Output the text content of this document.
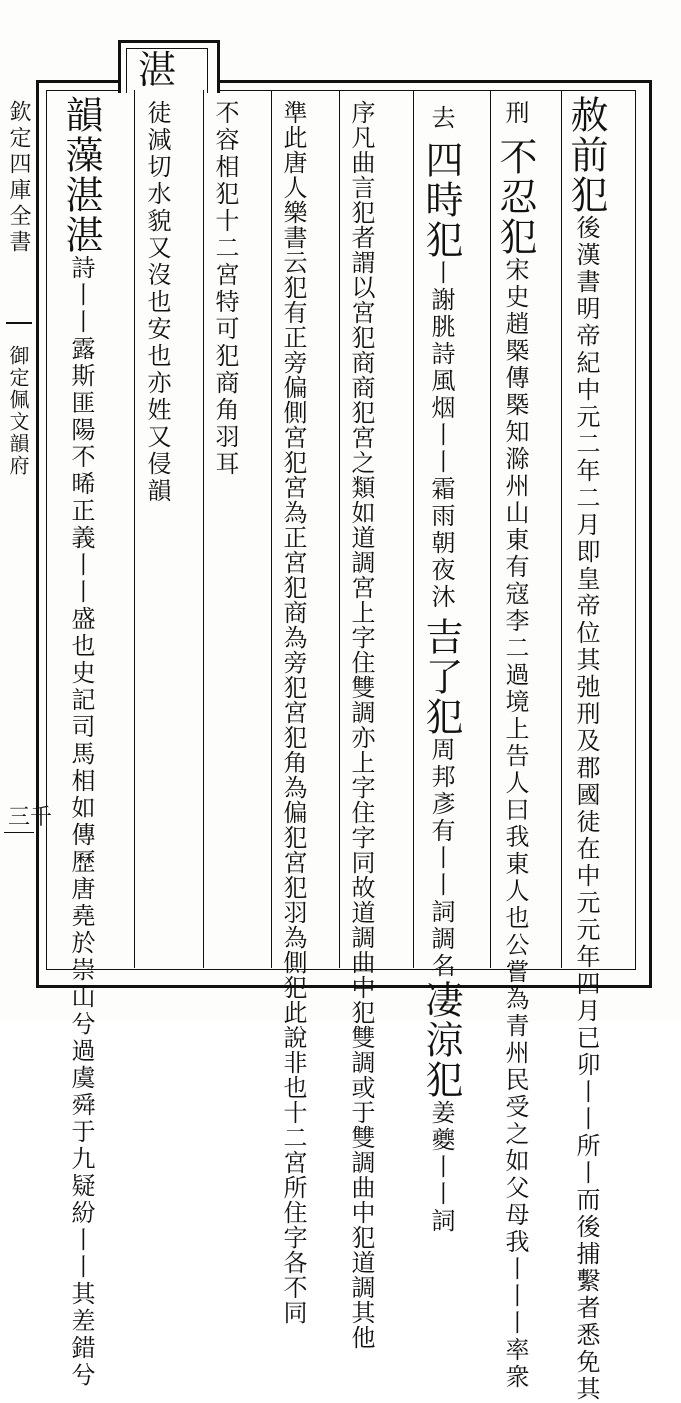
湛
欽定四庫全書
御定佩文韻府
三千
赦前犯後漢書明帝紀中元二年二月即皇帝位其弛刑及郡國徒在中元元年四月已卯丨丨所丨而後捕繫者悉免其
刑不忍犯宋史趙槩傳槩知滁州山東有寇李二過境上告人曰我東人也公嘗為青州民受之如父母我丨丨丨率衆
去四時犯丨謝朓詩風烟丨丨霜雨朝夜沐吉了犯周邦彥有丨丨詞調名凄涼犯姜夔丨丨詞
序凡曲言犯者謂以宮犯商商犯宮之類如道調宮上字住雙調亦上字住字同故道調曲中犯雙調或于雙調曲中犯道調其他
準此唐人樂書云犯有正旁偏側宮犯宮為正宮犯商為旁犯宮犯角為偏犯宮犯羽為側犯此說非也十二宮所住字各不同
不容相犯十二宮特可犯商角羽耳
徒減切水貌又沒也安也亦姓又侵韻
韻藻湛湛詩丨丨露斯匪陽不晞正義丨丨盛也史記司馬相如傳歷唐堯於崇山兮過虞舜于九疑紛丨丨其差錯兮
